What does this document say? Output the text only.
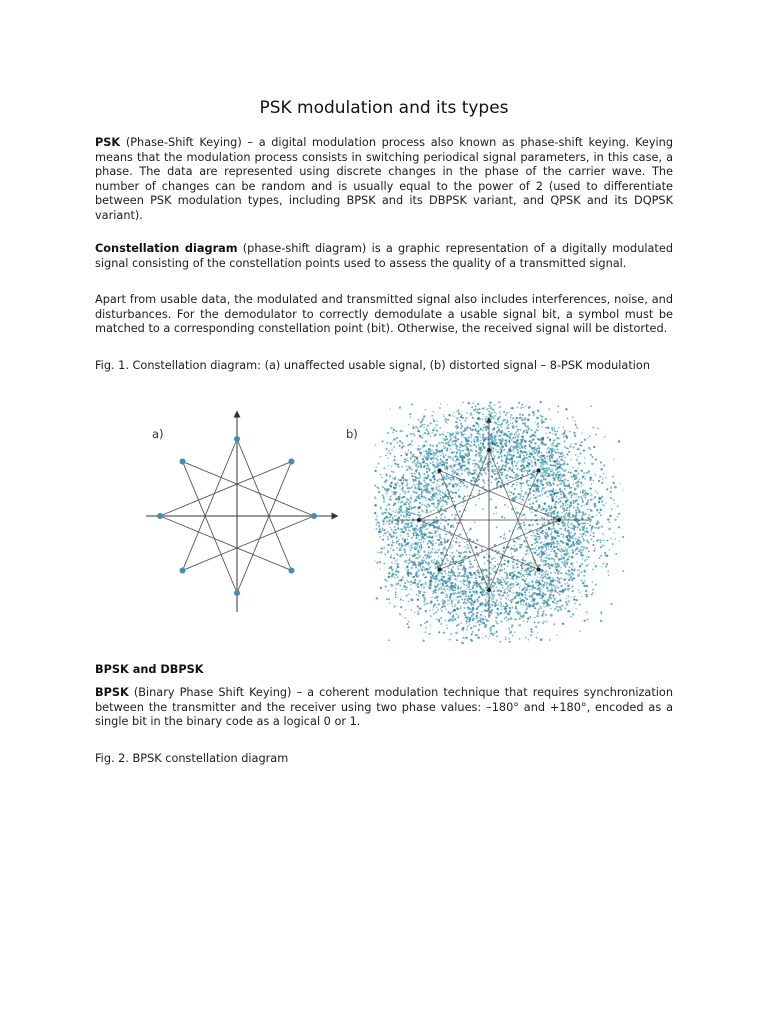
PSK modulation and its types

PSK (Phase-Shift Keying) – a digital modulation process also known as phase-shift keying. Keying means that the modulation process consists in switching periodical signal parameters, in this case, a phase. The data are represented using discrete changes in the phase of the carrier wave. The number of changes can be random and is usually equal to the power of 2 (used to differentiate between PSK modulation types, including BPSK and its DBPSK variant, and QPSK and its DQPSK variant).

Constellation diagram (phase-shift diagram) is a graphic representation of a digitally modulated signal consisting of the constellation points used to assess the quality of a transmitted signal.

Apart from usable data, the modulated and transmitted signal also includes interferences, noise, and disturbances. For the demodulator to correctly demodulate a usable signal bit, a symbol must be matched to a corresponding constellation point (bit). Otherwise, the received signal will be distorted.

Fig. 1. Constellation diagram: (a) unaffected usable signal, (b) distorted signal – 8-PSK modulation

a)	b)

BPSK and DBPSK

BPSK (Binary Phase Shift Keying) – a coherent modulation technique that requires synchronization between the transmitter and the receiver using two phase values: –180° and +180°, encoded as a single bit in the binary code as a logical 0 or 1.

Fig. 2. BPSK constellation diagram
